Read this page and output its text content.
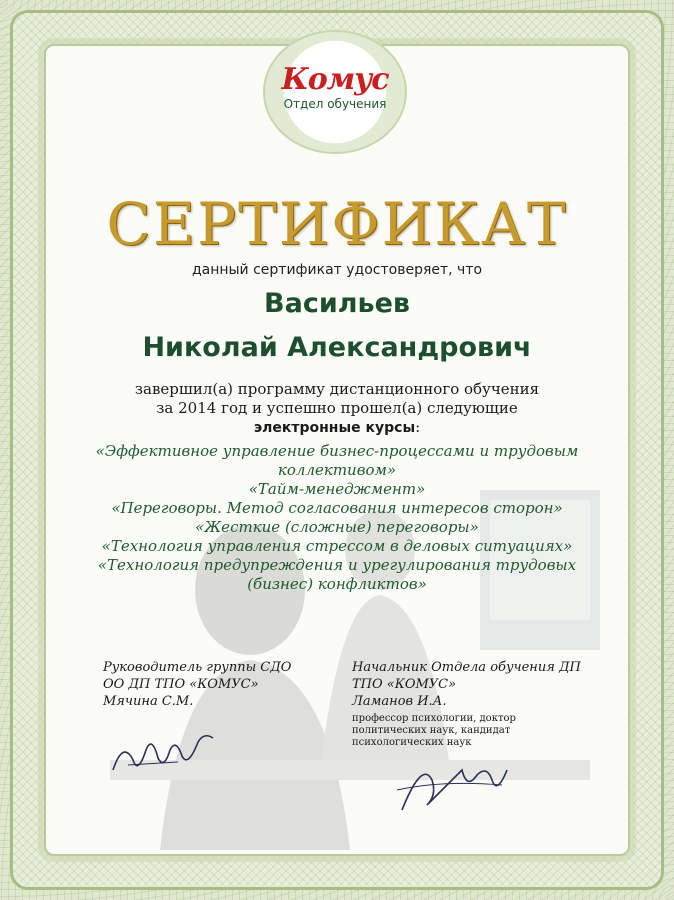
Комус
Отдел обучения
СЕРТИФИКАТ
данный сертификат удостоверяет, что
Васильев
Николай Александрович
завершил(а) программу дистанционного обучения
за 2014 год и успешно прошел(а) следующие
электронные курсы:
«Эффективное управление бизнес-процессами и трудовым коллективом»
«Тайм-менеджмент»
«Переговоры. Метод согласования интересов сторон»
«Жесткие (сложные) переговоры»
«Технология управления стрессом в деловых ситуациях»
«Технология предупреждения и урегулирования трудовых (бизнес) конфликтов»
Руководитель группы СДО
ОО ДП ТПО «КОМУС»
Мячина С.М.
Начальник Отдела обучения ДП
ТПО «КОМУС»
Ламанов И.А.
профессор психологии, доктор политических наук, кандидат психологических наук
